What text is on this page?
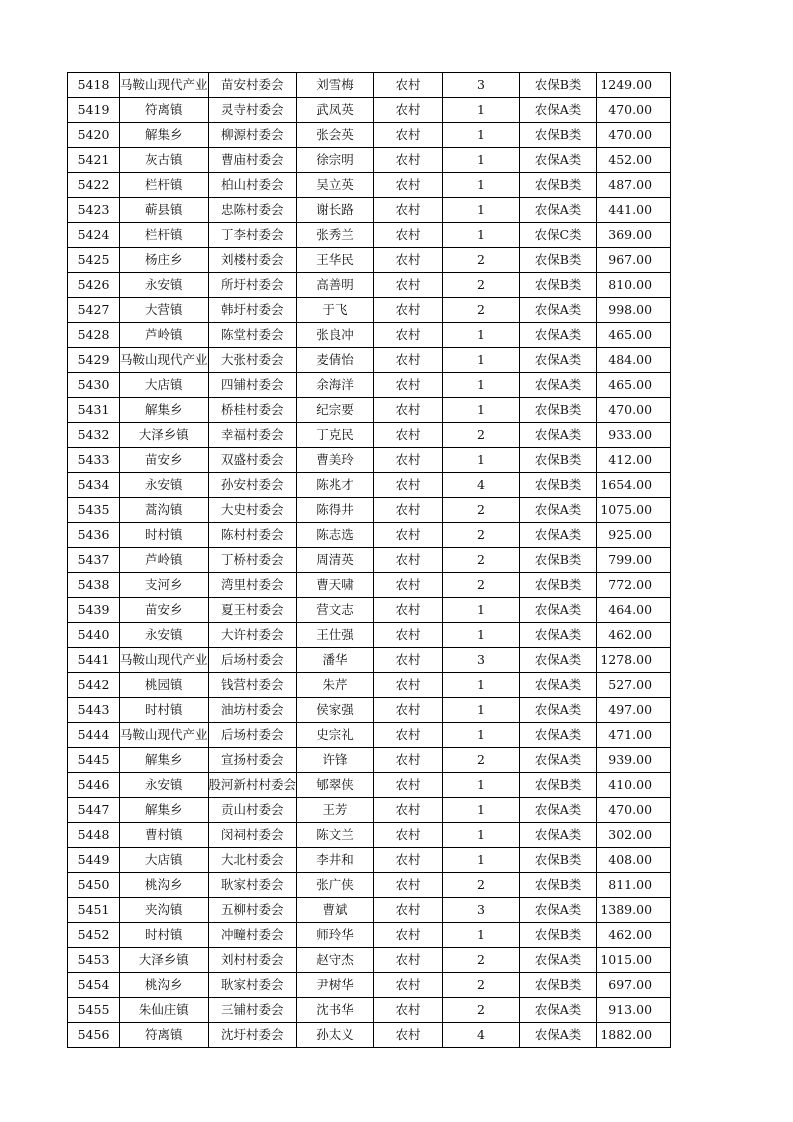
5418	马鞍山现代产业	苗安村委会	刘雪梅	农村	3	农保B类	1249.00
5419	符离镇	灵寺村委会	武凤英	农村	1	农保A类	470.00
5420	解集乡	柳源村委会	张会英	农村	1	农保B类	470.00
5421	灰古镇	曹庙村委会	徐宗明	农村	1	农保A类	452.00
5422	栏杆镇	柏山村委会	吴立英	农村	1	农保B类	487.00
5423	蕲县镇	忠陈村委会	谢长路	农村	1	农保A类	441.00
5424	栏杆镇	丁李村委会	张秀兰	农村	1	农保C类	369.00
5425	杨庄乡	刘楼村委会	王华民	农村	2	农保B类	967.00
5426	永安镇	所圩村委会	高善明	农村	2	农保B类	810.00
5427	大营镇	韩圩村委会	于飞	农村	2	农保A类	998.00
5428	芦岭镇	陈堂村委会	张良冲	农村	1	农保A类	465.00
5429	马鞍山现代产业	大张村委会	麦倩怡	农村	1	农保A类	484.00
5430	大店镇	四铺村委会	余海洋	农村	1	农保A类	465.00
5431	解集乡	桥桂村委会	纪宗要	农村	1	农保B类	470.00
5432	大泽乡镇	幸福村委会	丁克民	农村	2	农保A类	933.00
5433	苗安乡	双盛村委会	曹美玲	农村	1	农保B类	412.00
5434	永安镇	孙安村委会	陈兆才	农村	4	农保B类	1654.00
5435	蒿沟镇	大史村委会	陈得井	农村	2	农保A类	1075.00
5436	时村镇	陈村村委会	陈志选	农村	2	农保A类	925.00
5437	芦岭镇	丁桥村委会	周清英	农村	2	农保B类	799.00
5438	支河乡	湾里村委会	曹天啸	农村	2	农保B类	772.00
5439	苗安乡	夏王村委会	营文志	农村	1	农保A类	464.00
5440	永安镇	大许村委会	王仕强	农村	1	农保A类	462.00
5441	马鞍山现代产业	后场村委会	潘华	农村	3	农保A类	1278.00
5442	桃园镇	钱营村委会	朱芹	农村	1	农保A类	527.00
5443	时村镇	油坊村委会	侯家强	农村	1	农保A类	497.00
5444	马鞍山现代产业	后场村委会	史宗礼	农村	1	农保A类	471.00
5445	解集乡	宣扬村委会	许锋	农村	2	农保A类	939.00
5446	永安镇	股河新村村委会	郇翠侠	农村	1	农保B类	410.00
5447	解集乡	贡山村委会	王芳	农村	1	农保A类	470.00
5448	曹村镇	闵祠村委会	陈文兰	农村	1	农保A类	302.00
5449	大店镇	大北村委会	李井和	农村	1	农保B类	408.00
5450	桃沟乡	耿家村委会	张广侠	农村	2	农保B类	811.00
5451	夹沟镇	五柳村委会	曹斌	农村	3	农保A类	1389.00
5452	时村镇	冲疃村委会	师玲华	农村	1	农保B类	462.00
5453	大泽乡镇	刘村村委会	赵守杰	农村	2	农保A类	1015.00
5454	桃沟乡	耿家村委会	尹树华	农村	2	农保B类	697.00
5455	朱仙庄镇	三铺村委会	沈书华	农村	2	农保A类	913.00
5456	符离镇	沈圩村委会	孙太义	农村	4	农保A类	1882.00
